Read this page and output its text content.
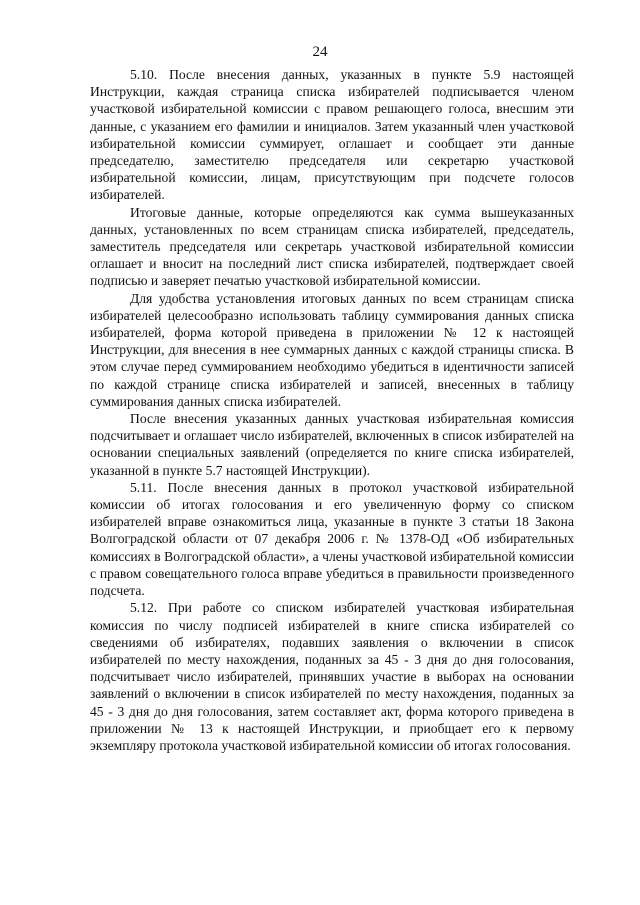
24

5.10. После внесения данных, указанных в пункте 5.9 настоящей Инструкции, каждая страница списка избирателей подписывается членом участковой избирательной комиссии с правом решающего голоса, внесшим эти данные, с указанием его фамилии и инициалов. Затем указанный член участковой избирательной комиссии суммирует, оглашает и сообщает эти данные председателю, заместителю председателя или секретарю участковой избирательной комиссии, лицам, присутствующим при подсчете голосов избирателей.

Итоговые данные, которые определяются как сумма вышеуказанных данных, установленных по всем страницам списка избирателей, председатель, заместитель председателя или секретарь участковой избирательной комиссии оглашает и вносит на последний лист списка избирателей, подтверждает своей подписью и заверяет печатью участковой избирательной комиссии.

Для удобства установления итоговых данных по всем страницам списка избирателей целесообразно использовать таблицу суммирования данных списка избирателей, форма которой приведена в приложении № 12 к настоящей Инструкции, для внесения в нее суммарных данных с каждой страницы списка. В этом случае перед суммированием необходимо убедиться в идентичности записей по каждой странице списка избирателей и записей, внесенных в таблицу суммирования данных списка избирателей.

После внесения указанных данных участковая избирательная комиссия подсчитывает и оглашает число избирателей, включенных в список избирателей на основании специальных заявлений (определяется по книге списка избирателей, указанной в пункте 5.7 настоящей Инструкции).

5.11. После внесения данных в протокол участковой избирательной комиссии об итогах голосования и его увеличенную форму со списком избирателей вправе ознакомиться лица, указанные в пункте 3 статьи 18 Закона Волгоградской области от 07 декабря 2006 г. № 1378-ОД «Об избирательных комиссиях в Волгоградской области», а члены участковой избирательной комиссии с правом совещательного голоса вправе убедиться в правильности произведенного подсчета.

5.12. При работе со списком избирателей участковая избирательная комиссия по числу подписей избирателей в книге списка избирателей со сведениями об избирателях, подавших заявления о включении в список избирателей по месту нахождения, поданных за 45 - 3 дня до дня голосования, подсчитывает число избирателей, принявших участие в выборах на основании заявлений о включении в список избирателей по месту нахождения, поданных за 45 - 3 дня до дня голосования, затем составляет акт, форма которого приведена в приложении № 13 к настоящей Инструкции, и приобщает его к первому экземпляру протокола участковой избирательной комиссии об итогах голосования.
